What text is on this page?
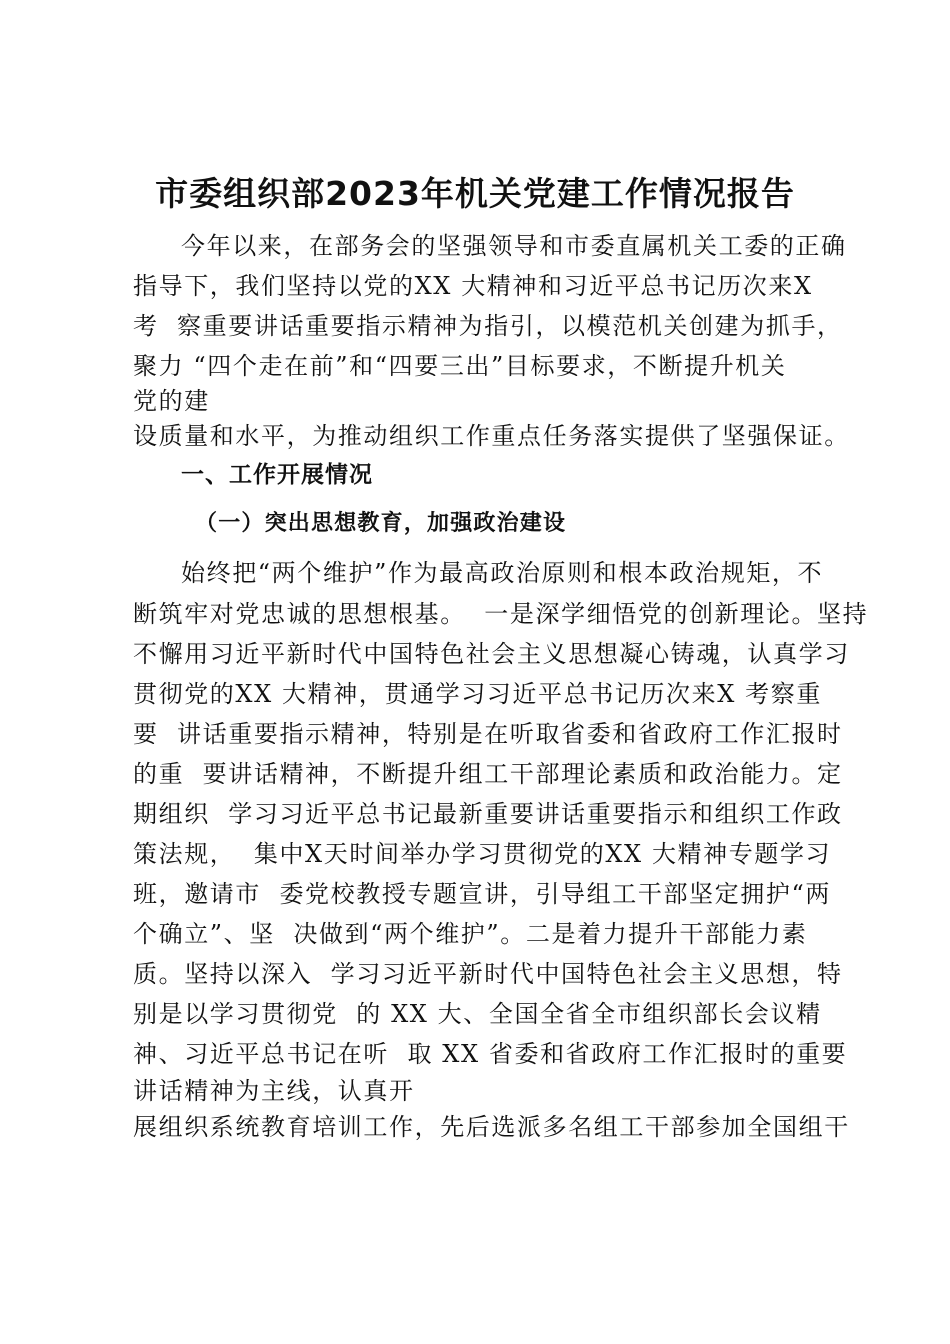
市委组织部2023年机关党建工作情况报告

今年以来，在部务会的坚强领导和市委直属机关工委的正确

指导下，我们坚持以党的XX 大精神和习近平总书记历次来X

考  察重要讲话重要指示精神为指引，以模范机关创建为抓手，

聚力 “四个走在前”和“四要三出”目标要求，不断提升机关

党的建

设质量和水平，为推动组织工作重点任务落实提供了坚强保证。

一、工作开展情况
（一）突出思想教育，加强政治建设

始终把“两个维护”作为最高政治原则和根本政治规矩，不

断筑牢对党忠诚的思想根基。  一是深学细悟党的创新理论。坚持

不懈用习近平新时代中国特色社会主义思想凝心铸魂，认真学习

贯彻党的XX 大精神，贯通学习习近平总书记历次来X 考察重

要  讲话重要指示精神，特别是在听取省委和省政府工作汇报时

的重  要讲话精神，不断提升组工干部理论素质和政治能力。定

期组织  学习习近平总书记最新重要讲话重要指示和组织工作政

策法规，  集中X天时间举办学习贯彻党的XX 大精神专题学习

班，邀请市  委党校教授专题宣讲，引导组工干部坚定拥护“两

个确立”、坚  决做到“两个维护”。二是着力提升干部能力素

质。坚持以深入  学习习近平新时代中国特色社会主义思想，特

别是以学习贯彻党  的 XX 大、全国全省全市组织部长会议精

神、习近平总书记在听  取 XX 省委和省政府工作汇报时的重要

讲话精神为主线，认真开

展组织系统教育培训工作，先后选派多名组工干部参加全国组干
